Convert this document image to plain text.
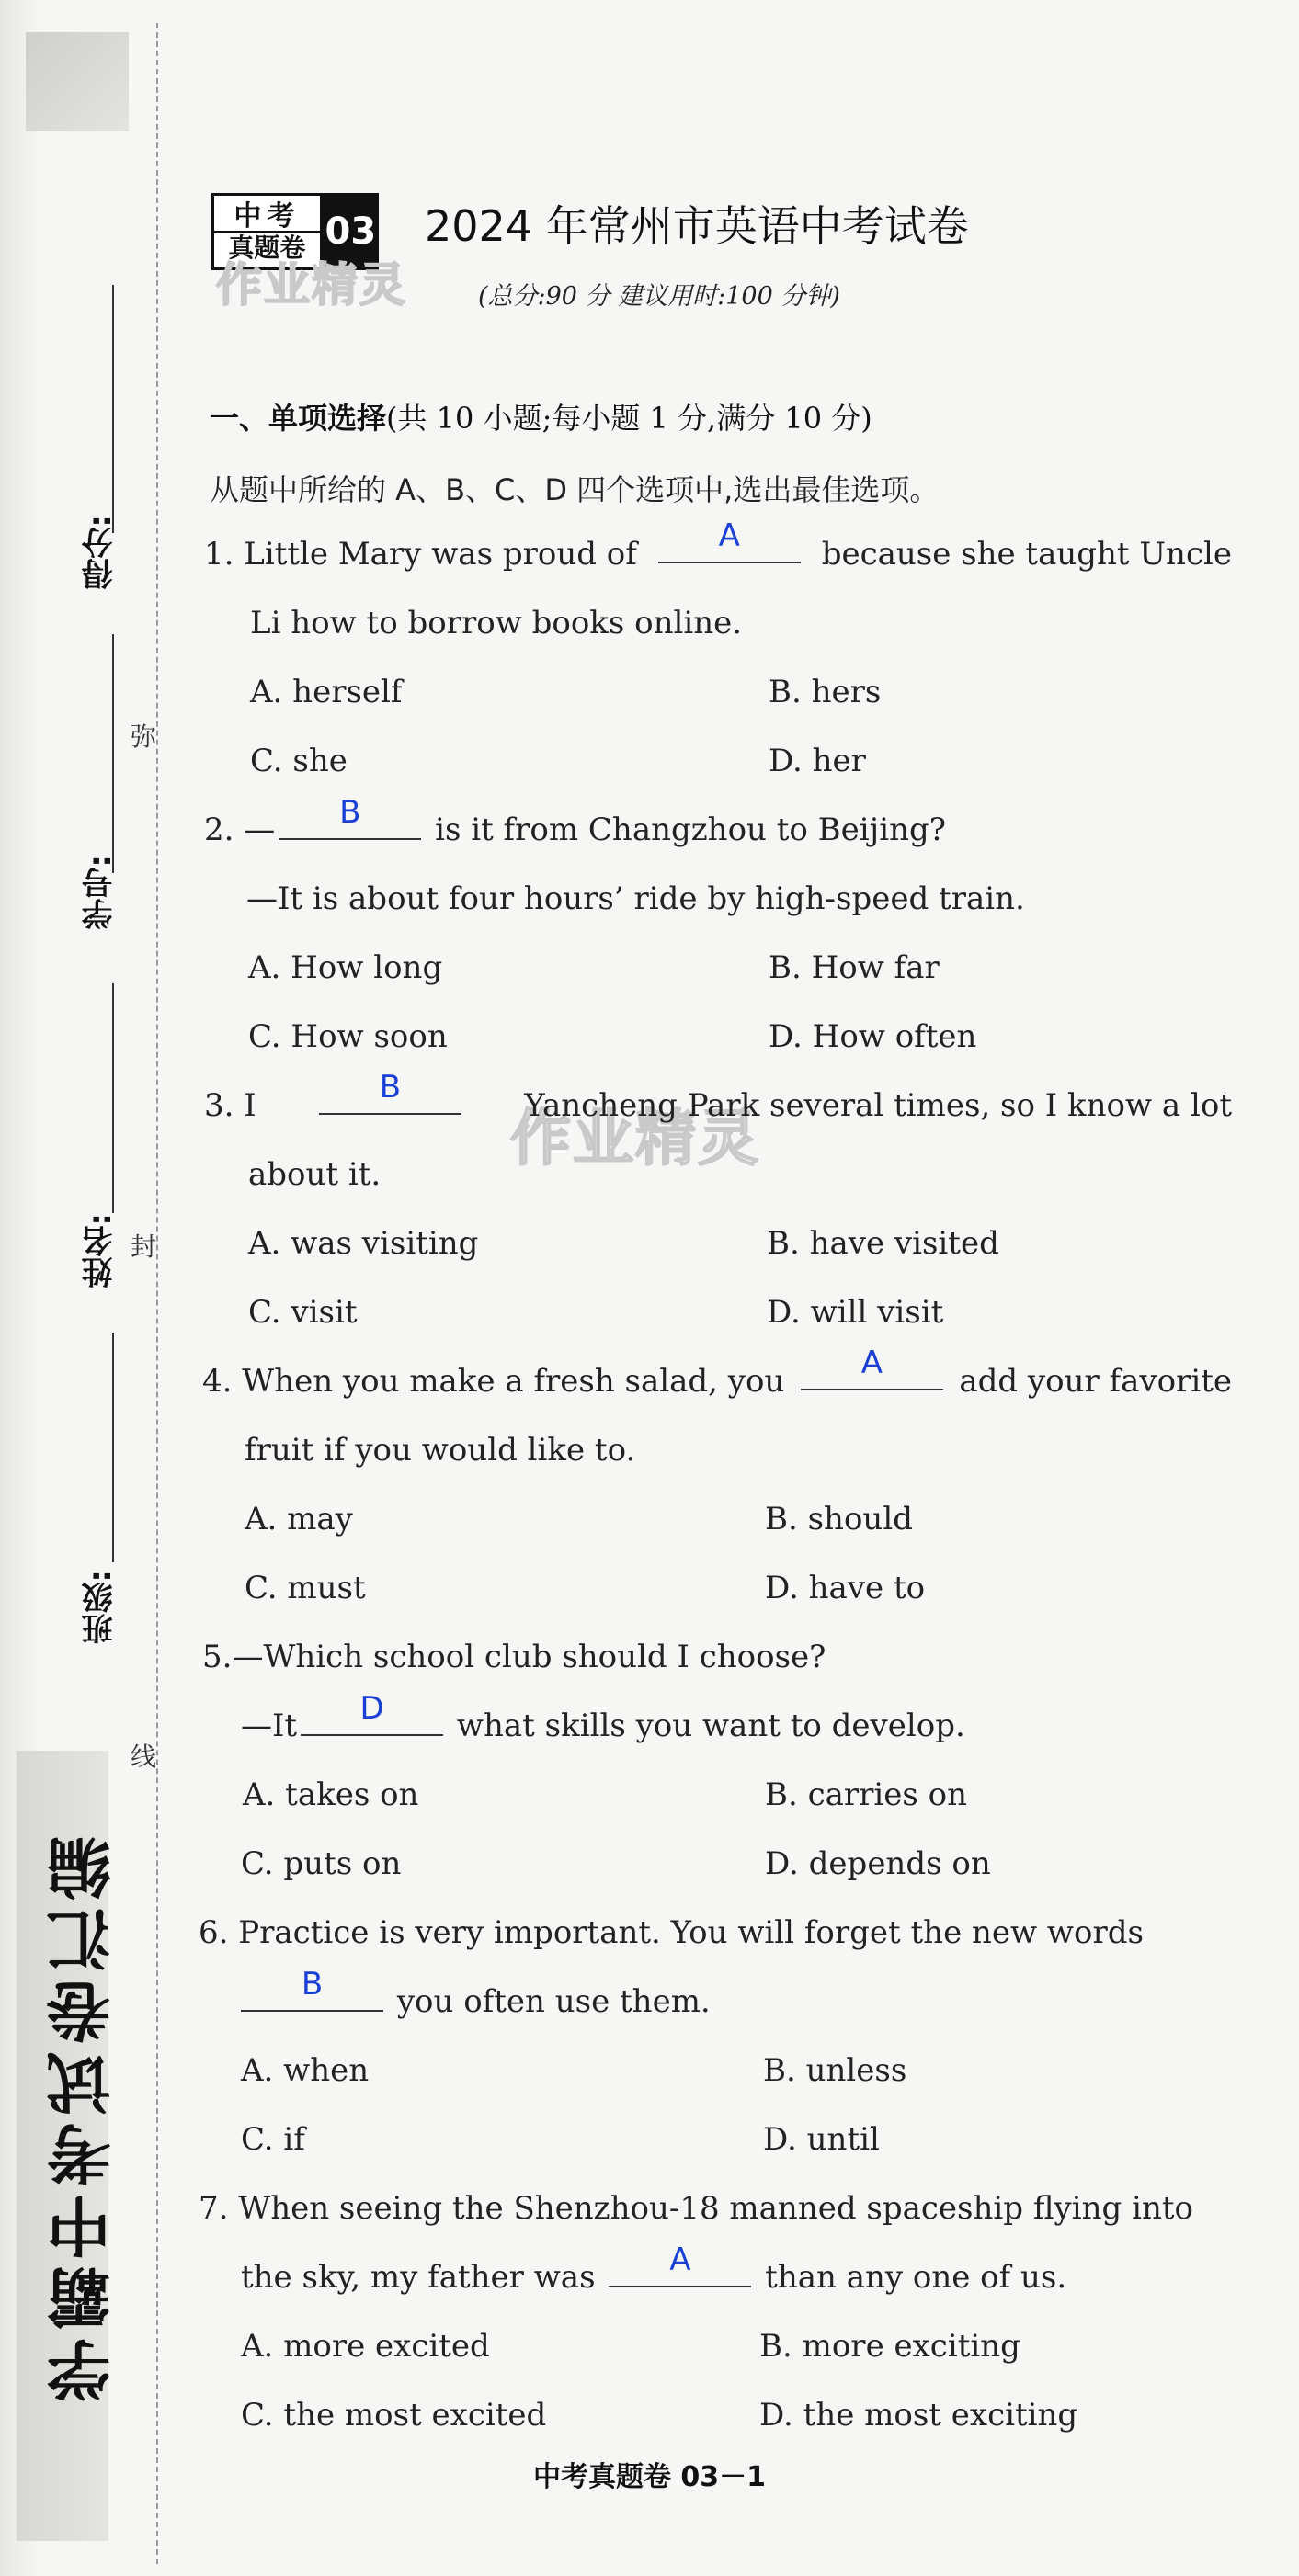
得分:
学号:
姓名:
班级:
弥
封
线
学霸中考试卷汇编
中考
真题卷 03 2024 年常州市英语中考试卷
(总分:90 分 建议用时:100 分钟)
作业精灵
作业精灵
一、单项选择(共 10 小题;每小题 1 分,满分 10 分)
从题中所给的 A、B、C、D 四个选项中,选出最佳选项。
1. Little Mary was proud of	A	because she taught Uncle
Li how to borrow books online.
A. herself	B. hers
C. she	D. her
2. —	B	is it from Changzhou to Beijing?
—It is about four hours’ ride by high-speed train.
A. How long	B. How far
C. How soon	D. How often
3. I	B	Yancheng Park several times, so I know a lot
about it.
A. was visiting	B. have visited
C. visit	D. will visit
4. When you make a fresh salad, you	A	add your favorite
fruit if you would like to.
A. may	B. should
C. must	D. have to
5.—Which school club should I choose?
—It	D	what skills you want to develop.
A. takes on	B. carries on
C. puts on	D. depends on
6. Practice is very important. You will forget the new words
B	you often use them.
A. when	B. unless
C. if	D. until
7. When seeing the Shenzhou-18 manned spaceship flying into
the sky, my father was	A	than any one of us.
A. more excited	B. more exciting
C. the most excited	D. the most exciting
中考真题卷 03－1
